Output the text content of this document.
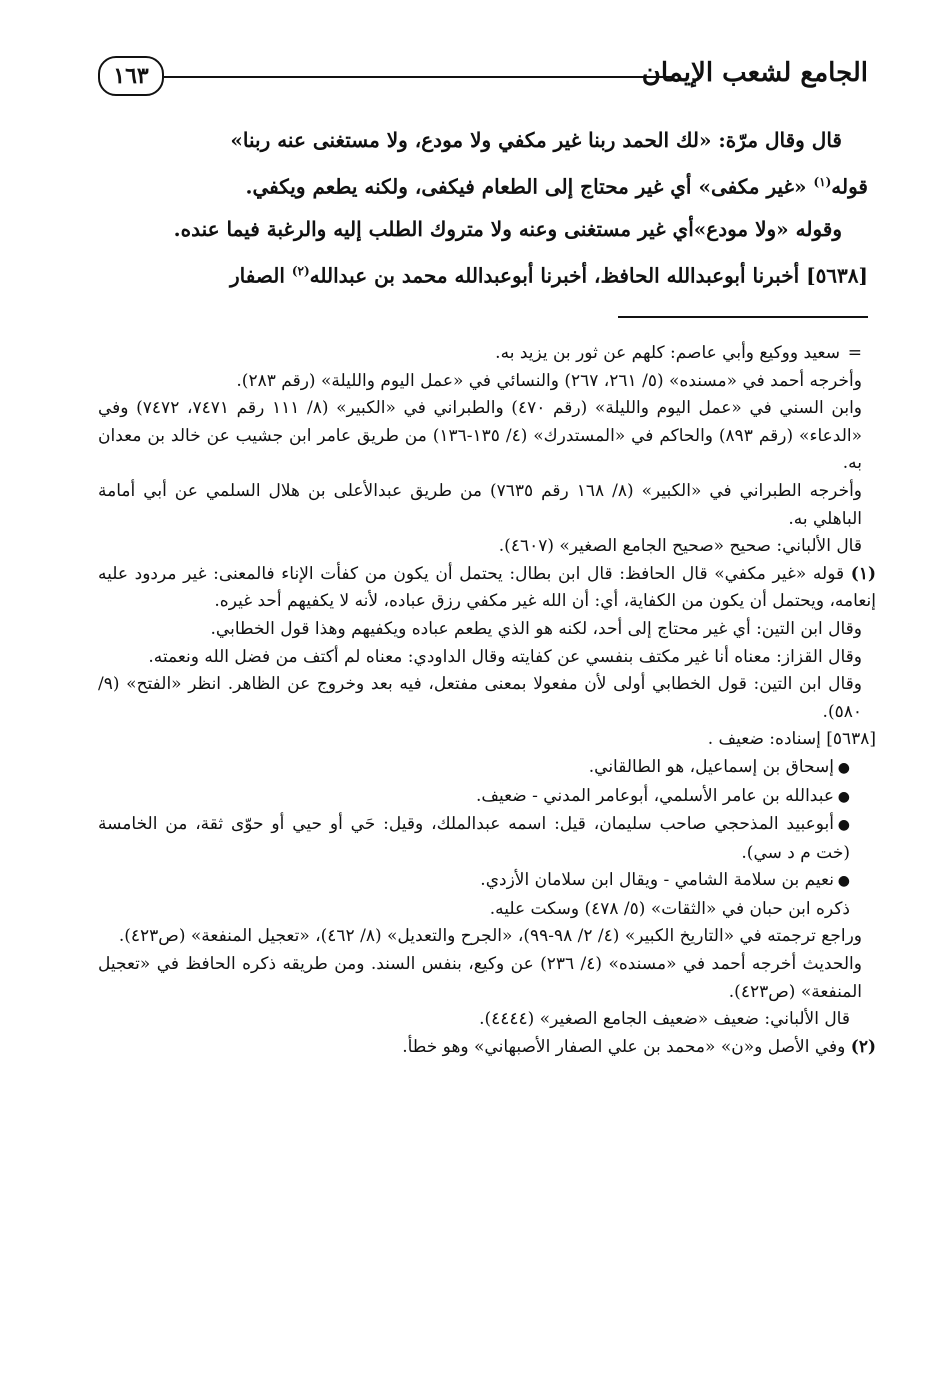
الجامع لشعب الإيمان
١٦٣

قال وقال مرّة: «لك الحمد ربنا غير مكفي ولا مودع، ولا مستغنى عنه ربنا»

قوله$^{(١)}$ «غير مكفى» أي غير محتاج إلى الطعام فيكفى، ولكنه يطعم ويكفي.

وقوله «ولا مودع»أي غير مستغنى وعنه ولا متروك الطلب إليه والرغبة فيما عنده.

[٥٦٣٨] أخبرنا أبوعبدالله الحافظ، أخبرنا أبوعبدالله محمد بن عبدالله$^{(٢)}$ الصفار

=سعيد ووكيع وأبي عاصم: كلهم عن ثور بن يزيد به.

وأخرجه أحمد في «مسنده» (٥/ ٢٦١، ٢٦٧) والنسائي في «عمل اليوم والليلة» (رقم ٢٨٣).

وابن السني في «عمل اليوم والليلة» (رقم ٤٧٠) والطبراني في «الكبير» (٨/ ١١١ رقم ٧٤٧١، ٧٤٧٢) وفي «الدعاء» (رقم ٨٩٣) والحاكم في «المستدرك» (٤/ ١٣٥-١٣٦) من طريق عامر ابن جشيب عن خالد بن معدان به.

وأخرجه الطبراني في «الكبير» (٨/ ١٦٨ رقم ٧٦٣٥) من طريق عبدالأعلى بن هلال السلمي عن أبي أمامة الباهلي به.

قال الألباني: صحيح «صحيح الجامع الصغير» (٤٦٠٧).

(١) قوله «غير مكفي» قال الحافظ: قال ابن بطال: يحتمل أن يكون من كفأت الإناء فالمعنى: غير مردود عليه إنعامه، ويحتمل أن يكون من الكفاية، أي: أن الله غير مكفي رزق عباده، لأنه لا يكفيهم أحد غيره.

وقال ابن التين: أي غير محتاج إلى أحد، لكنه هو الذي يطعم عباده ويكفيهم وهذا قول الخطابي.

وقال القزاز: معناه أنا غير مكتف بنفسي عن كفايته وقال الداودي: معناه لم أكتف من فضل الله ونعمته.

وقال ابن التين: قول الخطابي أولى لأن مفعولا بمعنى مفتعل، فيه بعد وخروج عن الظاهر. انظر «الفتح» (٩/ ٥٨٠).

[٥٦٣٨] إسناده: ضعيف .

●إسحاق بن إسماعيل، هو الطالقاني.

●عبدالله بن عامر الأسلمي، أبوعامر المدني - ضعيف.

●أبوعبيد المذحجي صاحب سليمان، قيل: اسمه عبدالملك، وقيل: حَي أو حيي أو حوّى ثقة، من الخامسة (خت م د سي).

●نعيم بن سلامة الشامي - ويقال ابن سلامان الأزدي.

ذكره ابن حبان في «الثقات» (٥/ ٤٧٨) وسكت عليه.

وراجع ترجمته في «التاريخ الكبير» (٤/ ٢/ ٩٨-٩٩)، «الجرح والتعديل» (٨/ ٤٦٢)، «تعجيل المنفعة» (ص٤٢٣).

والحديث أخرجه أحمد في «مسنده» (٤/ ٢٣٦) عن وكيع، بنفس السند. ومن طريقه ذكره الحافظ في «تعجيل المنفعة» (ص٤٢٣).

قال الألباني: ضعيف «ضعيف الجامع الصغير» (٤٤٤٤).

(٢) وفي الأصل و«ن» «محمد بن علي الصفار الأصبهاني» وهو خطأ.
